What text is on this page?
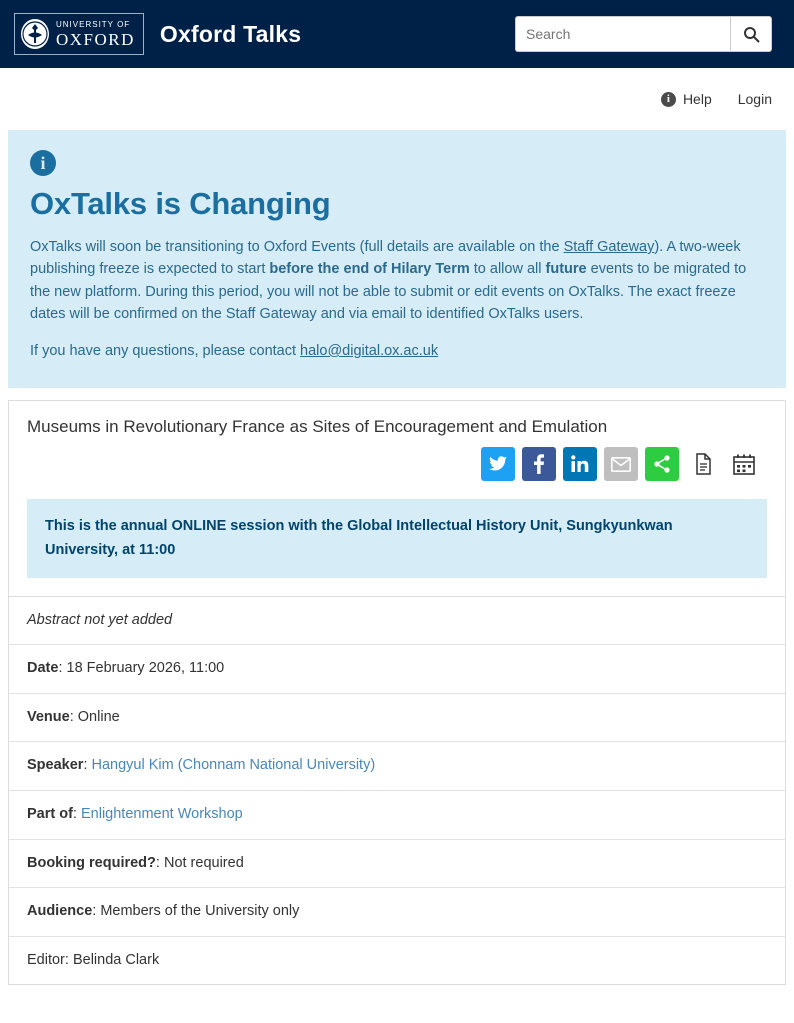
UNIVERSITY OF
OXFORD Oxford Talks
Search
i Help Login
i
OxTalks is Changing

OxTalks will soon be transitioning to Oxford Events (full details are available on the Staff Gateway). A two-week publishing freeze is expected to start before the end of Hilary Term to allow all future events to be migrated to the new platform. During this period, you will not be able to submit or edit events on OxTalks. The exact freeze dates will be confirmed on the Staff Gateway and via email to identified OxTalks users.

If you have any questions, please contact halo@digital.ox.ac.uk

Museums in Revolutionary France as Sites of Encouragement and Emulation
This is the annual ONLINE session with the Global Intellectual History Unit, Sungkyunkwan University, at 11:00
Abstract not yet added
Date: 18 February 2026, 11:00
Venue: Online
Speaker: Hangyul Kim (Chonnam National University)
Part of: Enlightenment Workshop
Booking required?: Not required
Audience: Members of the University only
Editor: Belinda Clark
